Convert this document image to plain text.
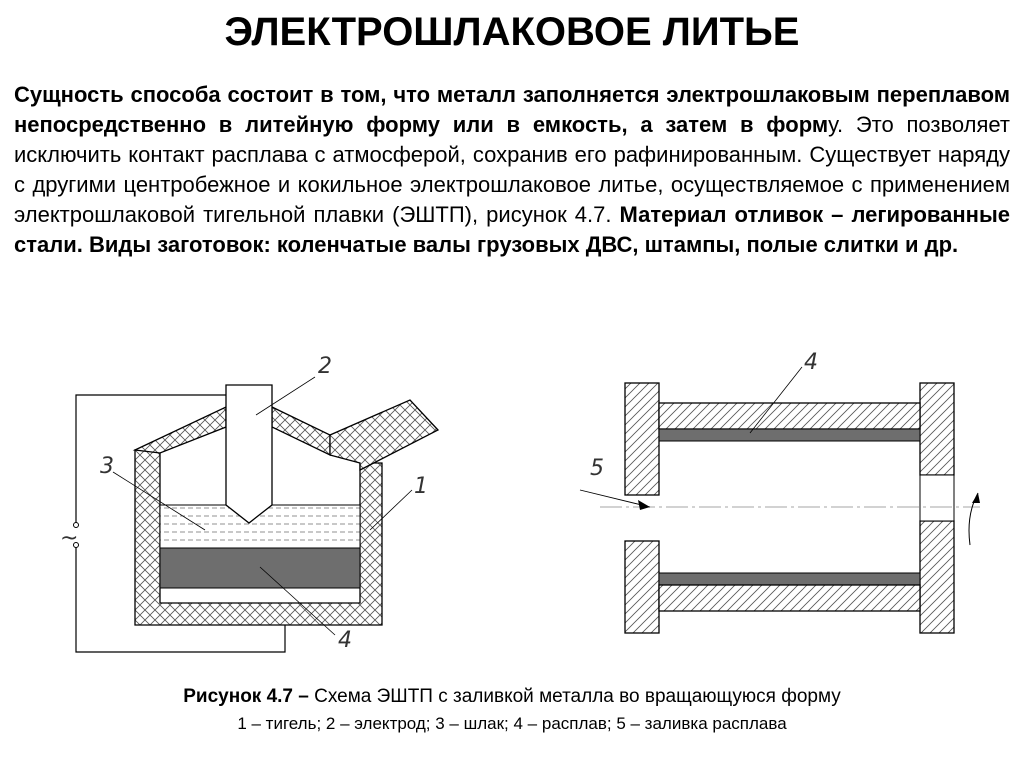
ЭЛЕКТРОШЛАКОВОЕ ЛИТЬЕ
Сущность способа состоит в том, что металл заполняется электрошлаковым переплавом непосредственно в литейную форму или в емкость, а затем в форму. Это позволяет исключить контакт расплава с атмосферой, сохранив его рафинированным. Существует наряду с другими центробежное и кокильное электрошлаковое литье, осуществляемое с применением электрошлаковой тигельной плавки (ЭШТП), рисунок 4.7. Материал отливок – легированные стали. Виды заготовок: коленчатые валы грузовых ДВС, штампы, полые слитки и др.
~
2
3
1
4
4
5
Рисунок 4.7 – Схема ЭШТП с заливкой металла во вращающуюся форму
1 – тигель; 2 – электрод; 3 – шлак; 4 – расплав; 5 – заливка расплава
